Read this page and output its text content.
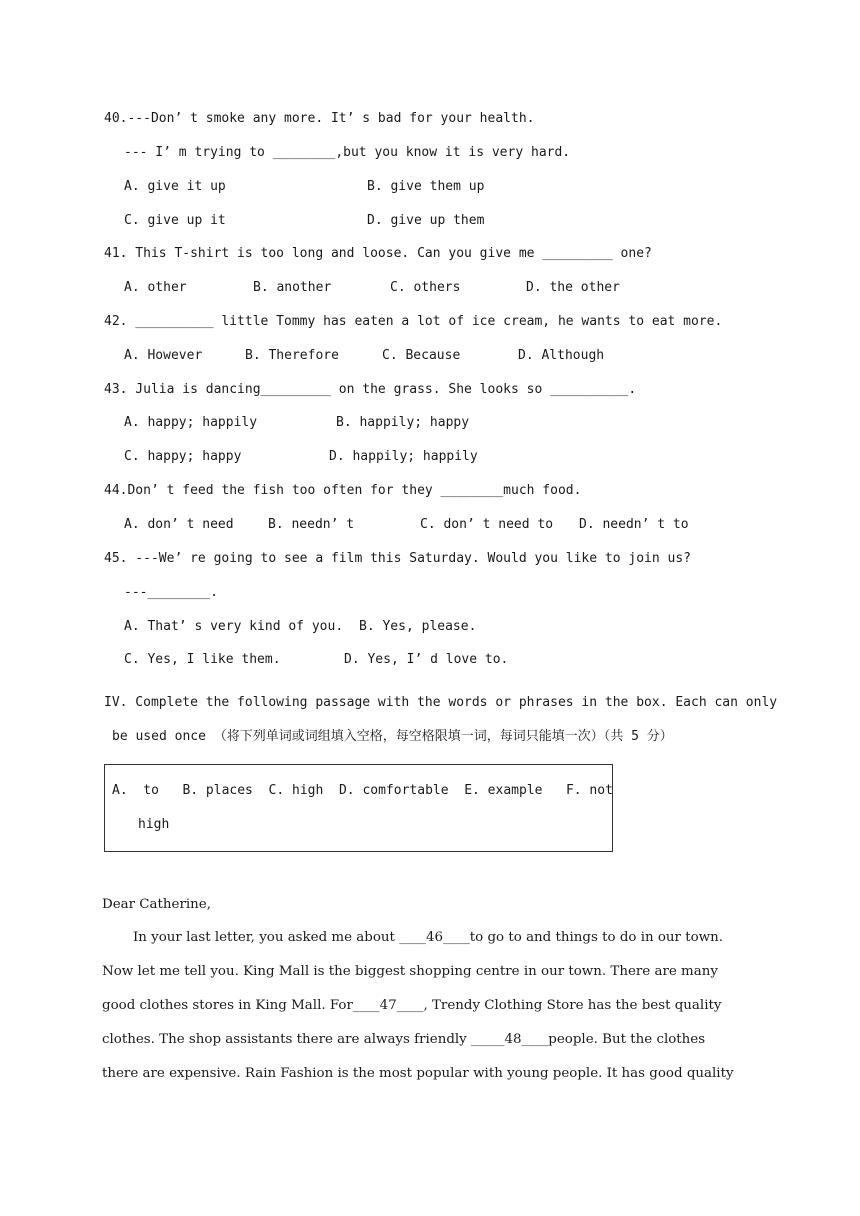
40.---Don’ t smoke any more. It’ s bad for your health.
--- I’ m trying to ________,but you know it is very hard.
A. give it up	B. give them up
C. give up it	D. give up them
41. This T-shirt is too long and loose. Can you give me _________ one?
A. other	B. another	C. others	D. the other
42. __________ little Tommy has eaten a lot of ice cream, he wants to eat more.
A. However	B. Therefore	C. Because	D. Although
43. Julia is dancing_________ on the grass. She looks so __________.
A. happy; happily	B. happily; happy
C. happy; happy	D. happily; happily
44.Don’ t feed the fish too often for they ________much food.
A. don’ t need	B. needn’ t	C. don’ t need to D. needn’ t to
45. ---We’ re going to see a film this Saturday. Would you like to join us?
---________.
A. That’ s very kind of you. B. Yes, please.
C. Yes, I like them.	D. Yes, I’ d love to.
IV. Complete the following passage with the words or phrases in the box. Each can only
be used once （将下列单词或词组填入空格，每空格限填一词，每词只能填一次）（共 5 分）
A.  to   B. places  C. high  D. comfortable  E. example   F. not
high
Dear Catherine,
In your last letter, you asked me about ____46____to go to and things to do in our town.
Now let me tell you. King Mall is the biggest shopping centre in our town. There are many
good clothes stores in King Mall. For____47____, Trendy Clothing Store has the best quality
clothes. The shop assistants there are always friendly _____48____people. But the clothes
there are expensive. Rain Fashion is the most popular with young people. It has good quality
